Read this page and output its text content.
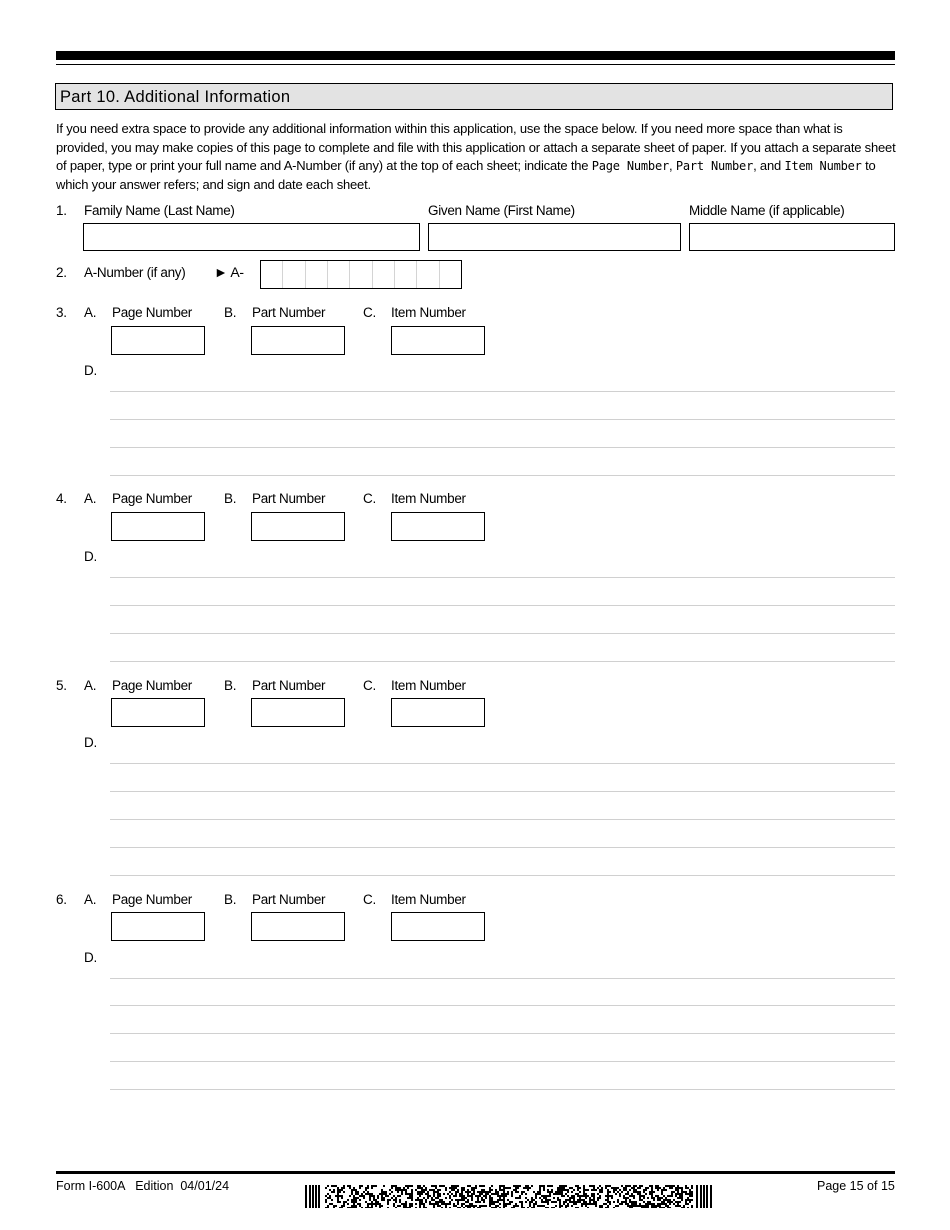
Part 10. Additional Information
If you need extra space to provide any additional information within this application, use the space below. If you need more space than what is provided, you may make copies of this page to complete and file with this application or attach a separate sheet of paper. If you attach a separate sheet of paper, type or print your full name and A-Number (if any) at the top of each sheet; indicate the Page Number, Part Number, and Item Number to which your answer refers; and sign and date each sheet.
1. Family Name (Last Name)	Given Name (First Name)	Middle Name (if applicable)
2. A-Number (if any) ► A-
3. A. Page Number B. Part Number	C. Item Number
D.
4. A. Page Number B. Part Number	C. Item Number
D.
5. A. Page Number B. Part Number	C. Item Number
D.
6. A. Page Number B. Part Number	C. Item Number
D.
Form I-600A   Edition  04/01/24	Page 15 of 15
